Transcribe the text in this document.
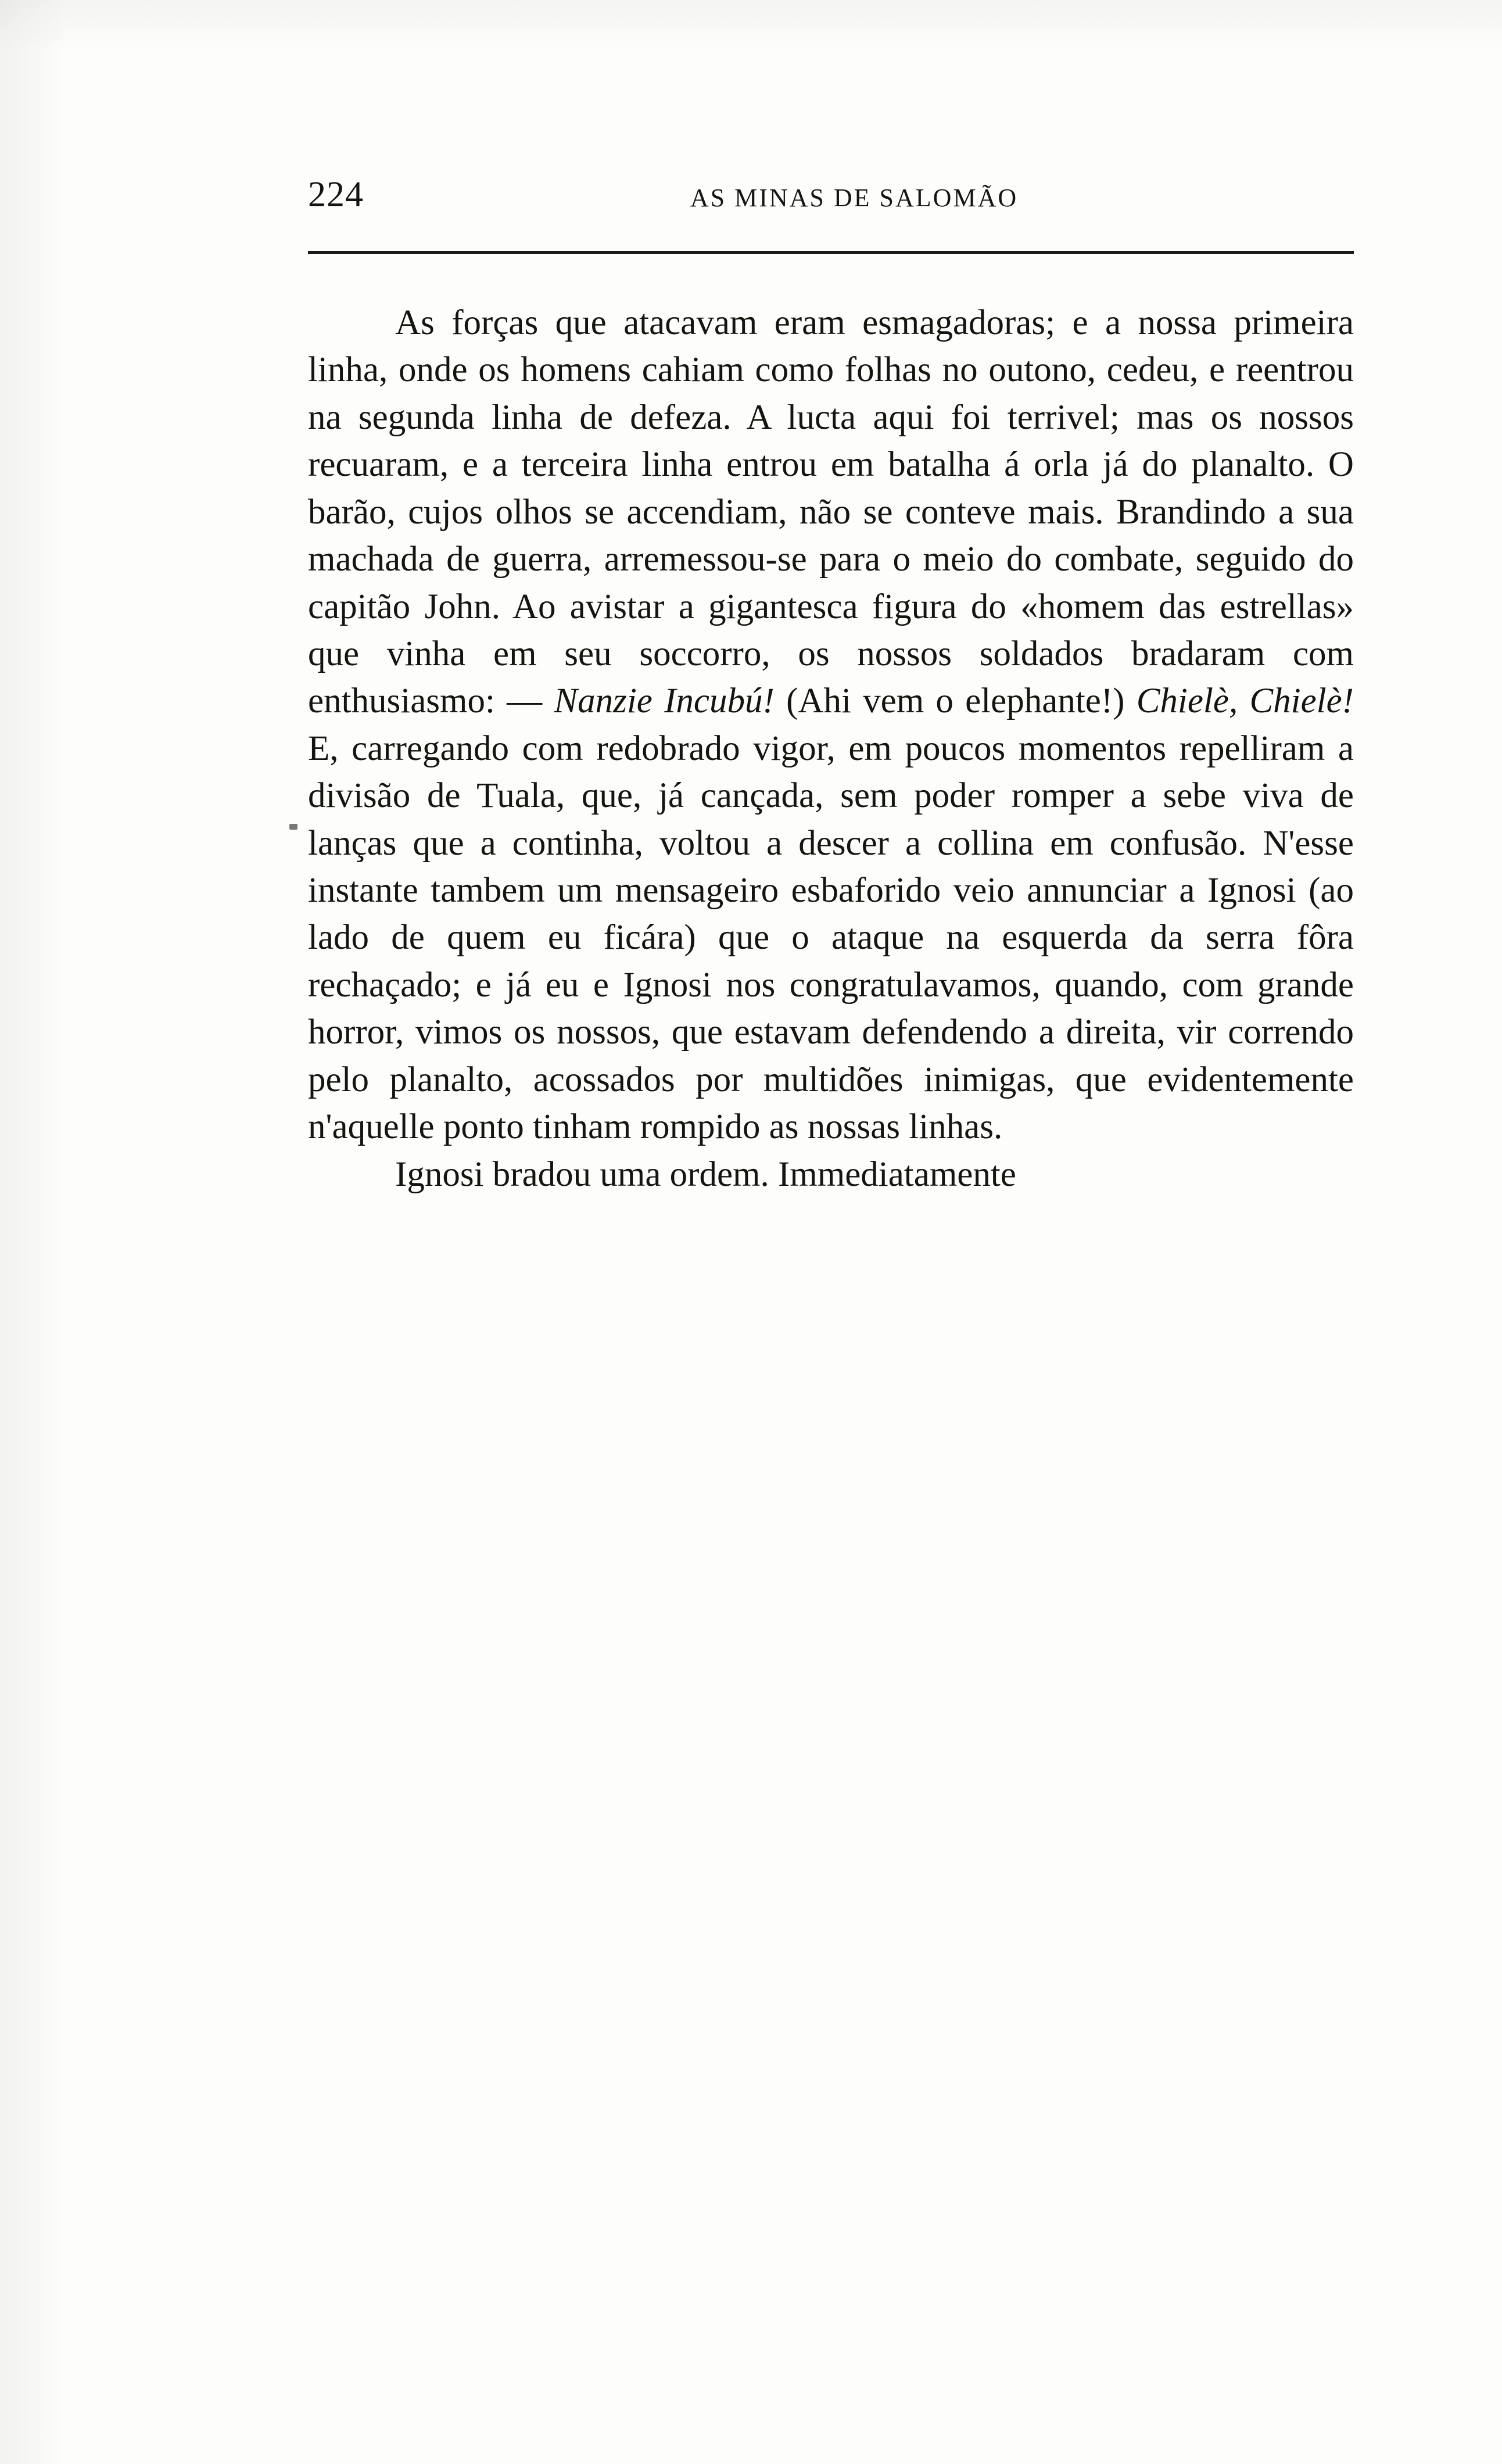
224	AS MINAS DE SALOMÃO

As forças que atacavam eram esmagadoras; e a nossa primeira linha, onde os homens cahiam como folhas no outono, cedeu, e reentrou na segunda linha de defeza. A lucta aqui foi terrivel; mas os nossos recuaram, e a terceira linha entrou em batalha á orla já do planalto. O barão, cujos olhos se accendiam, não se conteve mais. Brandindo a sua machada de guerra, arremessou-se para o meio do combate, seguido do capitão John. Ao avistar a gigantesca figura do «homem das estrellas» que vinha em seu soccorro, os nossos soldados bradaram com enthusiasmo: — Nanzie Incubú! (Ahi vem o elephante!) Chielè, Chielè! E, carregando com redobrado vigor, em poucos momentos repelliram a divisão de Tuala, que, já cançada, sem poder romper a sebe viva de lanças que a continha, voltou a descer a collina em confusão. N'esse instante tambem um mensageiro esbaforido veio annunciar a Ignosi (ao lado de quem eu ficára) que o ataque na esquerda da serra fôra rechaçado; e já eu e Ignosi nos congratulavamos, quando, com grande horror, vimos os nossos, que estavam defendendo a direita, vir correndo pelo planalto, acossados por multidões inimigas, que evidentemente n'aquelle ponto tinham rompido as nossas linhas.

Ignosi bradou uma ordem. Immediatamente
